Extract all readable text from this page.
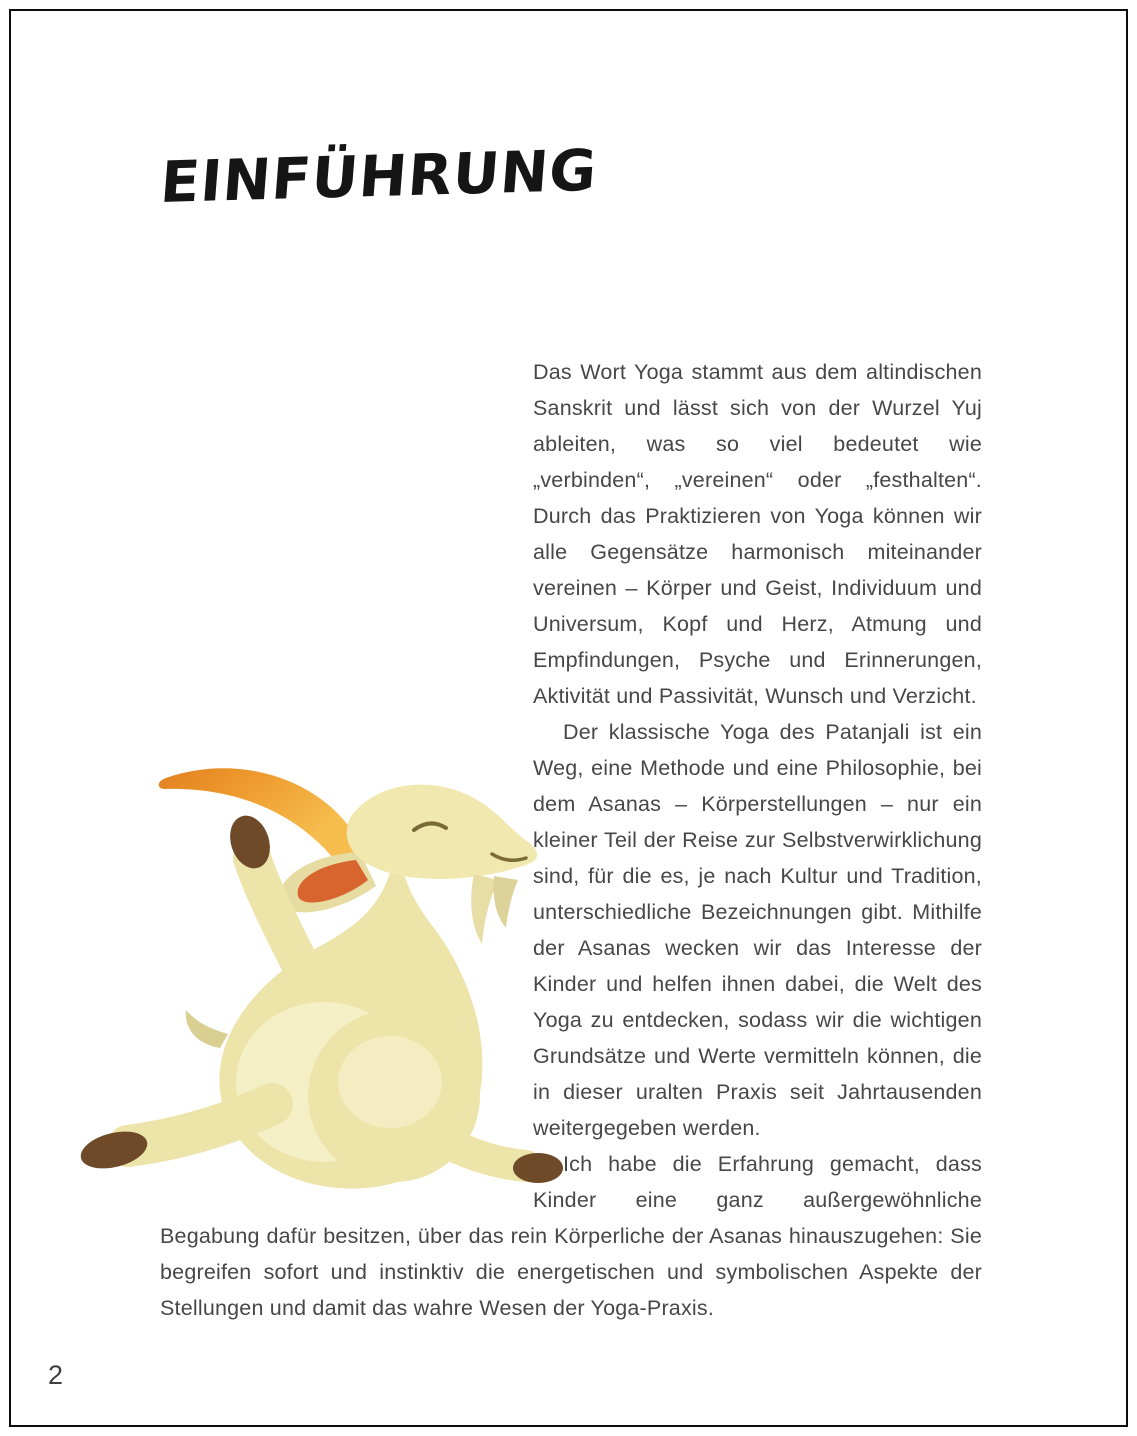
EINFÜHRUNG

Das Wort Yoga stammt aus dem altindischen Sanskrit und lässt sich von der Wurzel Yuj ableiten, was so viel bedeutet wie „verbinden“, „vereinen“ oder „festhalten“. Durch das Praktizieren von Yoga können wir alle Gegensätze harmonisch miteinander vereinen – Körper und Geist, Individuum und Universum, Kopf und Herz, Atmung und Empfindungen, Psyche und Erinnerungen, Aktivität und Passivität, Wunsch und Verzicht.

Der klassische Yoga des Patanjali ist ein Weg, eine Methode und eine Philosophie, bei dem Asanas – Körperstellungen – nur ein kleiner Teil der Reise zur Selbstverwirklichung sind, für die es, je nach Kultur und Tradition, unterschiedliche Bezeichnungen gibt. Mithilfe der Asanas wecken wir das Interesse der Kinder und helfen ihnen dabei, die Welt des Yoga zu entdecken, sodass wir die wichtigen Grundsätze und Werte vermitteln können, die in dieser uralten Praxis seit Jahrtausenden weitergegeben werden.

Ich habe die Erfahrung gemacht, dass Kinder eine ganz außergewöhnliche Begabung dafür besitzen, über das rein Körperliche der Asanas hinauszugehen: Sie begreifen sofort und instinktiv die energetischen und symbolischen Aspekte der Stellungen und damit das wahre Wesen der Yoga-Praxis.

2
